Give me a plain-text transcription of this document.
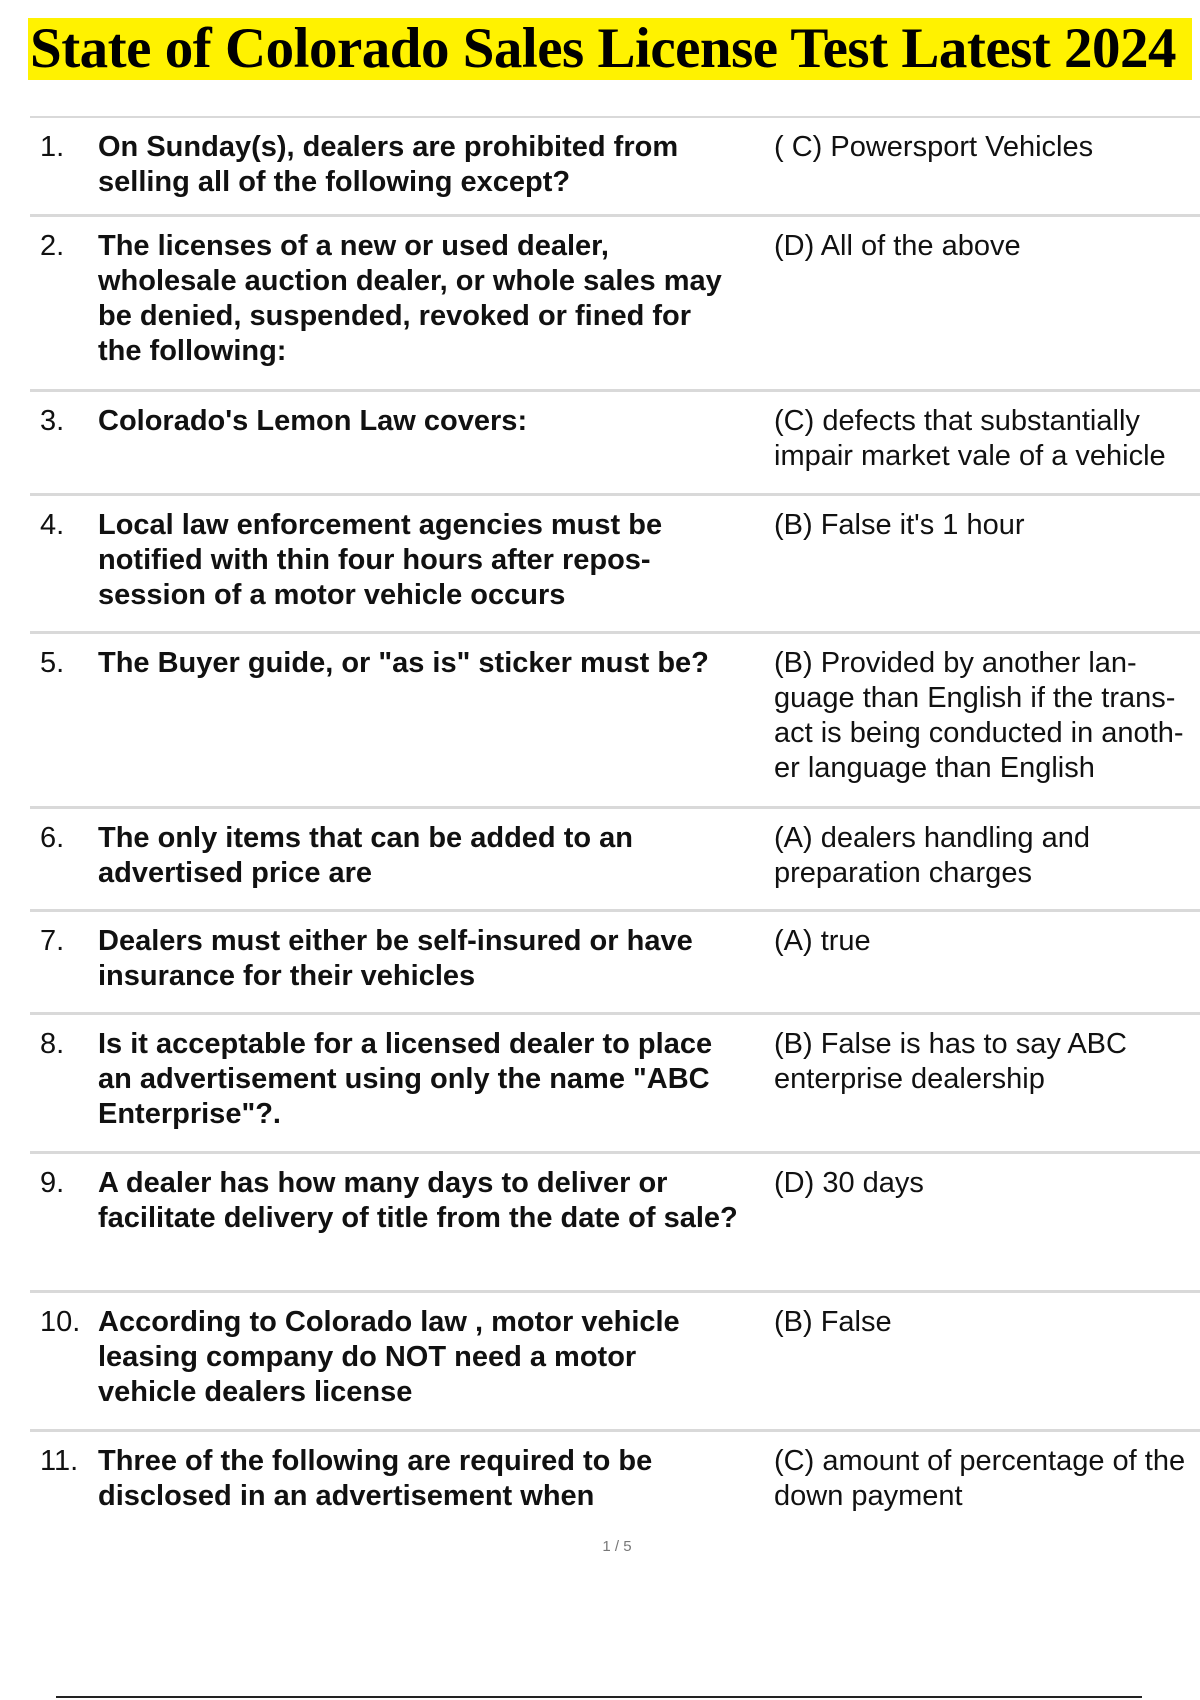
State of Colorado Sales License Test Latest 2024
1.	On Sunday(s), dealers are prohibited from selling all of the following except?
( C) Powersport Vehicles
2.	The licenses of a new or used dealer, wholesale auction dealer, or whole sales may be denied, suspended, revoked or fined for the following:
(D) All of the above
3.	Colorado's Lemon Law covers:	(C) defects that substantially impair market vale of a vehicle
4.	Local law enforcement agencies must be notified with thin four hours after repos- session of a motor vehicle occurs
(B) False it's 1 hour
5.	The Buyer guide, or "as is" sticker must be?	(B) Provided by another lan- guage than English if the trans- act is being conducted in anoth- er language than English
6.	The only items that can be added to an advertised price are
(A) dealers handling and preparation charges
7.	Dealers must either be self-insured or have insurance for their vehicles
(A) true
8.	Is it acceptable for a licensed dealer to place an advertisement using only the name "ABC Enterprise"?.
(B) False is has to say ABC enterprise dealership
9.	A dealer has how many days to deliver or facilitate delivery of title from the date of sale?
(D) 30 days
10. According to Colorado law , motor vehicle leasing company do NOT need a motor vehicle dealers license
(B) False
11. Three of the following are required to be disclosed in an advertisement when
(C) amount of percentage of the down payment
1 / 5
